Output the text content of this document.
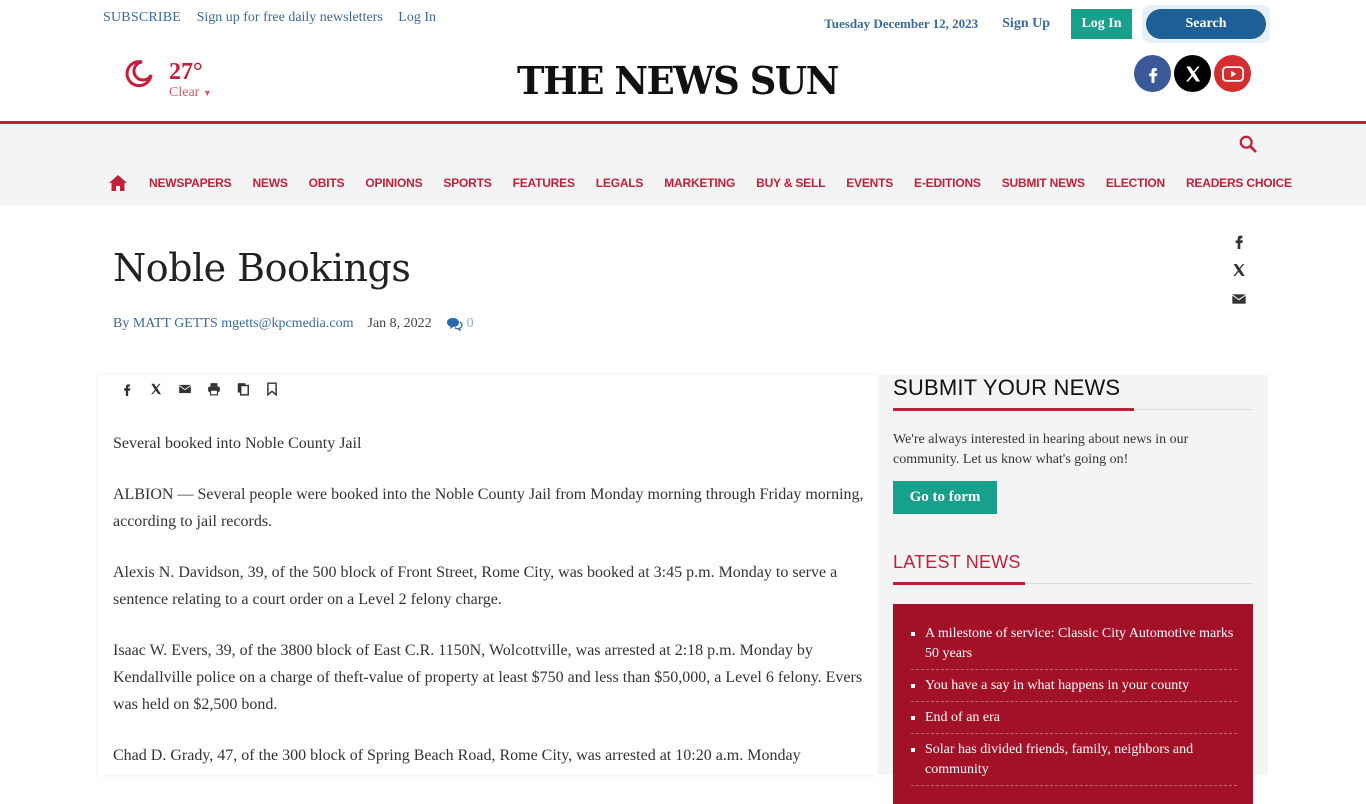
SUBSCRIBE Sign up for free daily newsletters Log In	Tuesday December 12, 2023 Sign Up	Log In	Search
27°
Clear ▼	THE NEWS SUN
NEWSPAPERS NEWS OBITS OPINIONS SPORTS FEATURES LEGALS MARKETING BUY & SELL EVENTS E-EDITIONS SUBMIT NEWS ELECTION READERS CHOICE
Noble Bookings
By MATT GETTS mgetts@kpcmedia.com Jan 8, 2022	0

Several booked into Noble County Jail

ALBION — Several people were booked into the Noble County Jail from Monday morning through Friday morning, according to jail records.

Alexis N. Davidson, 39, of the 500 block of Front Street, Rome City, was booked at 3:45 p.m. Monday to serve a sentence relating to a court order on a Level 2 felony charge.

Isaac W. Evers, 39, of the 3800 block of East C.R. 1150N, Wolcottville, was arrested at 2:18 p.m. Monday by Kendallville police on a charge of theft-value of property at least $750 and less than $50,000, a Level 6 felony. Evers was held on $2,500 bond.

Chad D. Grady, 47, of the 300 block of Spring Beach Road, Rome City, was arrested at 10:20 a.m. Monday

SUBMIT YOUR NEWS
We're always interested in hearing about news in our community. Let us know what's going on!
Go to form
LATEST NEWS
A milestone of service: Classic City Automotive marks 50 years
You have a say in what happens in your county
End of an era
Solar has divided friends, family, neighbors and community
